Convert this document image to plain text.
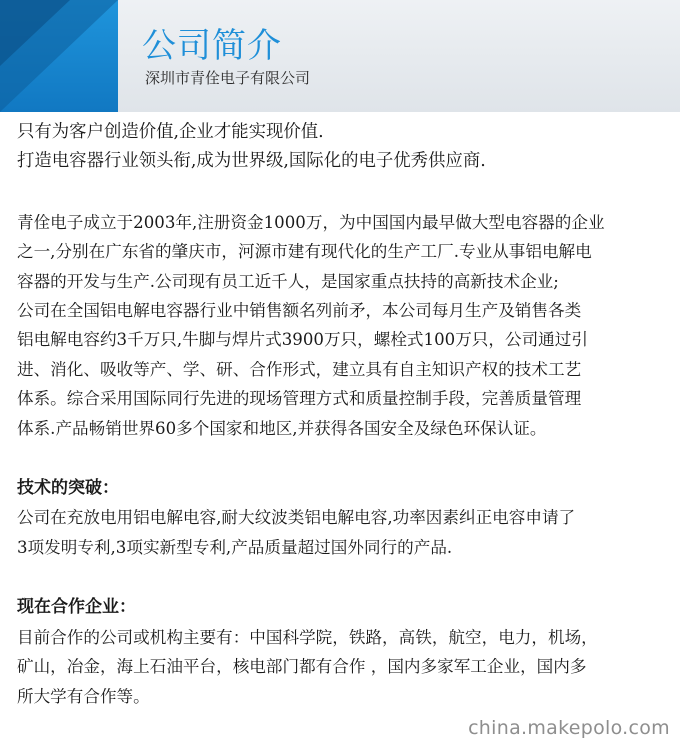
公司简介

深圳市青佺电子有限公司

只有为客户创造价值,企业才能实现价值.
打造电容器行业领头衔,成为世界级,国际化的电子优秀供应商.
青佺电子成立于2003年,注册资金1000万，为中国国内最早做大型电容器的企业
之一,分别在广东省的肇庆市，河源市建有现代化的生产工厂.专业从事铝电解电
容器的开发与生产.公司现有员工近千人，是国家重点扶持的高新技术企业;
公司在全国铝电解电容器行业中销售额名列前矛，本公司每月生产及销售各类
铝电解电容约3千万只,牛脚与焊片式3900万只，螺栓式100万只，公司通过引
进、消化、吸收等产、学、研、合作形式，建立具有自主知识产权的技术工艺
体系。综合采用国际同行先进的现场管理方式和质量控制手段，完善质量管理
体系.产品畅销世界60多个国家和地区,并获得各国安全及绿色环保认证。

技术的突破：

公司在充放电用铝电解电容,耐大纹波类铝电解电容,功率因素纠正电容申请了
3项发明专利,3项实新型专利,产品质量超过国外同行的产品.

现在合作企业：

目前合作的公司或机构主要有：中国科学院，铁路，高铁，航空，电力，机场，
矿山，冶金，海上石油平台，核电部门都有合作 ，国内多家军工企业，国内多
所大学有合作等。
china.makepolo.com
